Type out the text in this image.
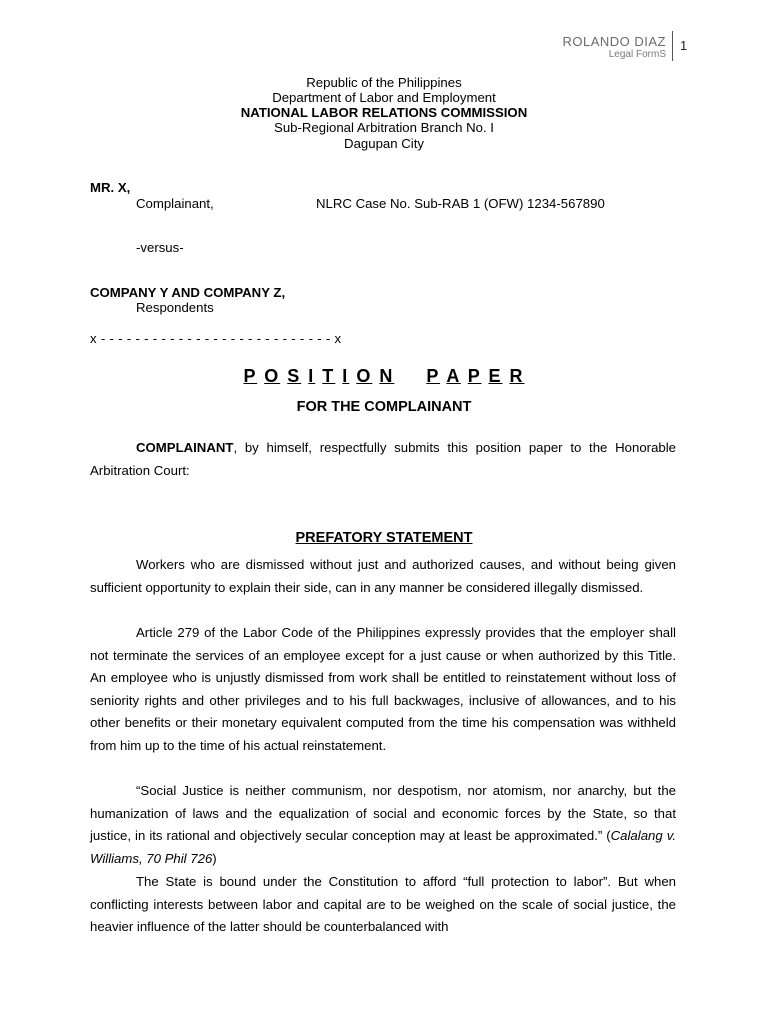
ROLANDO DIAZ
Legal FormS
1
Republic of the Philippines
Department of Labor and Employment
NATIONAL LABOR RELATIONS COMMISSION
Sub-Regional Arbitration Branch No. I
Dagupan City
MR. X,
Complainant,	NLRC Case No. Sub-RAB 1 (OFW) 1234-567890
-versus-
COMPANY Y AND COMPANY Z,
Respondents
x - - - - - - - - - - - - - - - - - - - - - - - - - - - x
P O S I T I O N P A P E R
FOR THE COMPLAINANT

COMPLAINANT, by himself, respectfully submits this position paper to the Honorable Arbitration Court:

PREFATORY STATEMENT

Workers who are dismissed without just and authorized causes, and without being given sufficient opportunity to explain their side, can in any manner be considered illegally dismissed.

Article 279 of the Labor Code of the Philippines expressly provides that the employer shall not terminate the services of an employee except for a just cause or when authorized by this Title. An employee who is unjustly dismissed from work shall be entitled to reinstatement without loss of seniority rights and other privileges and to his full backwages, inclusive of allowances, and to his other benefits or their monetary equivalent computed from the time his compensation was withheld from him up to the time of his actual reinstatement.

“Social Justice is neither communism, nor despotism, nor atomism, nor anarchy, but the humanization of laws and the equalization of social and economic forces by the State, so that justice, in its rational and objectively secular conception may at least be approximated.” (Calalang v. Williams, 70 Phil 726)

The State is bound under the Constitution to afford “full protection to labor”. But when conflicting interests between labor and capital are to be weighed on the scale of social justice, the heavier influence of the latter should be counterbalanced with
